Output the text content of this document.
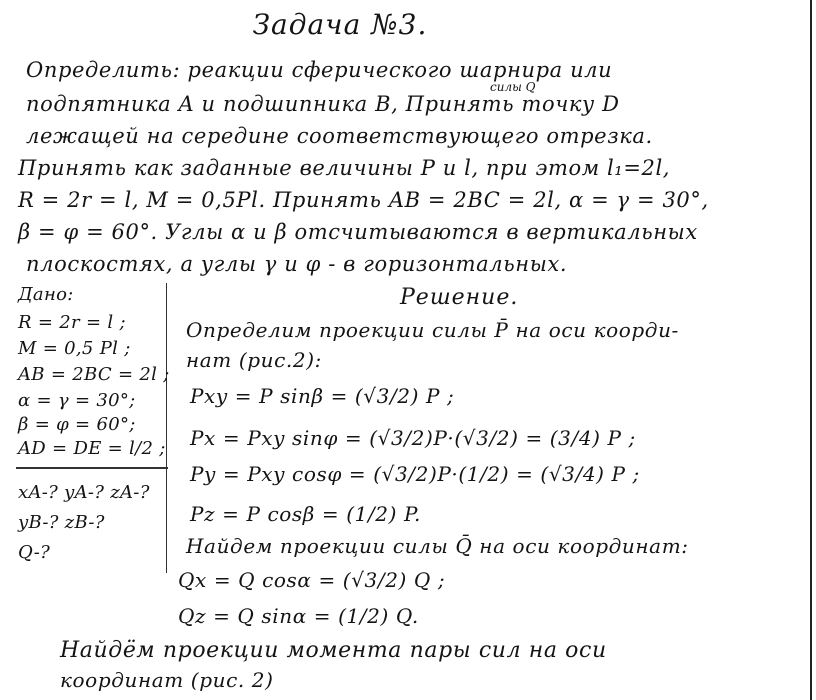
Задача №3.
силы Q
Определить: реакции сферического шарнира или
подпятника A и подшипника B, Принять точку D
лежащей на середине соответствующего отрезка.
Принять как заданные величины P и l, при этом l₁=2l,
R = 2r = l, M = 0,5Pl. Принять AB = 2BC = 2l, α = γ = 30°,
β = φ = 60°. Углы α и β отсчитываются в вертикальных
плоскостях, а углы γ и φ - в горизонтальных.
Дано:
R = 2r = l ;
M = 0,5 Pl ;
AB = 2BC = 2l ;
α = γ = 30°;
β = φ = 60°;
AD = DE = l/2 ;
xA-? yA-? zA-?
yB-? zB-?
Q-?
Решение.
Определим проекции силы P̄ на оси коорди-
нат (рис.2):
Pxy = P sinβ = (√3/2) P ;
Px = Pxy sinφ = (√3/2)P·(√3/2) = (3/4) P ;
Py = Pxy cosφ = (√3/2)P·(1/2) = (√3/4) P ;
Pz = P cosβ = (1/2) P.
Найдем проекции силы Q̄ на оси координат:
Qx = Q cosα = (√3/2) Q ;
Qz = Q sinα = (1/2) Q.
Найдём проекции момента пары сил на оси
координат (рис. 2)
